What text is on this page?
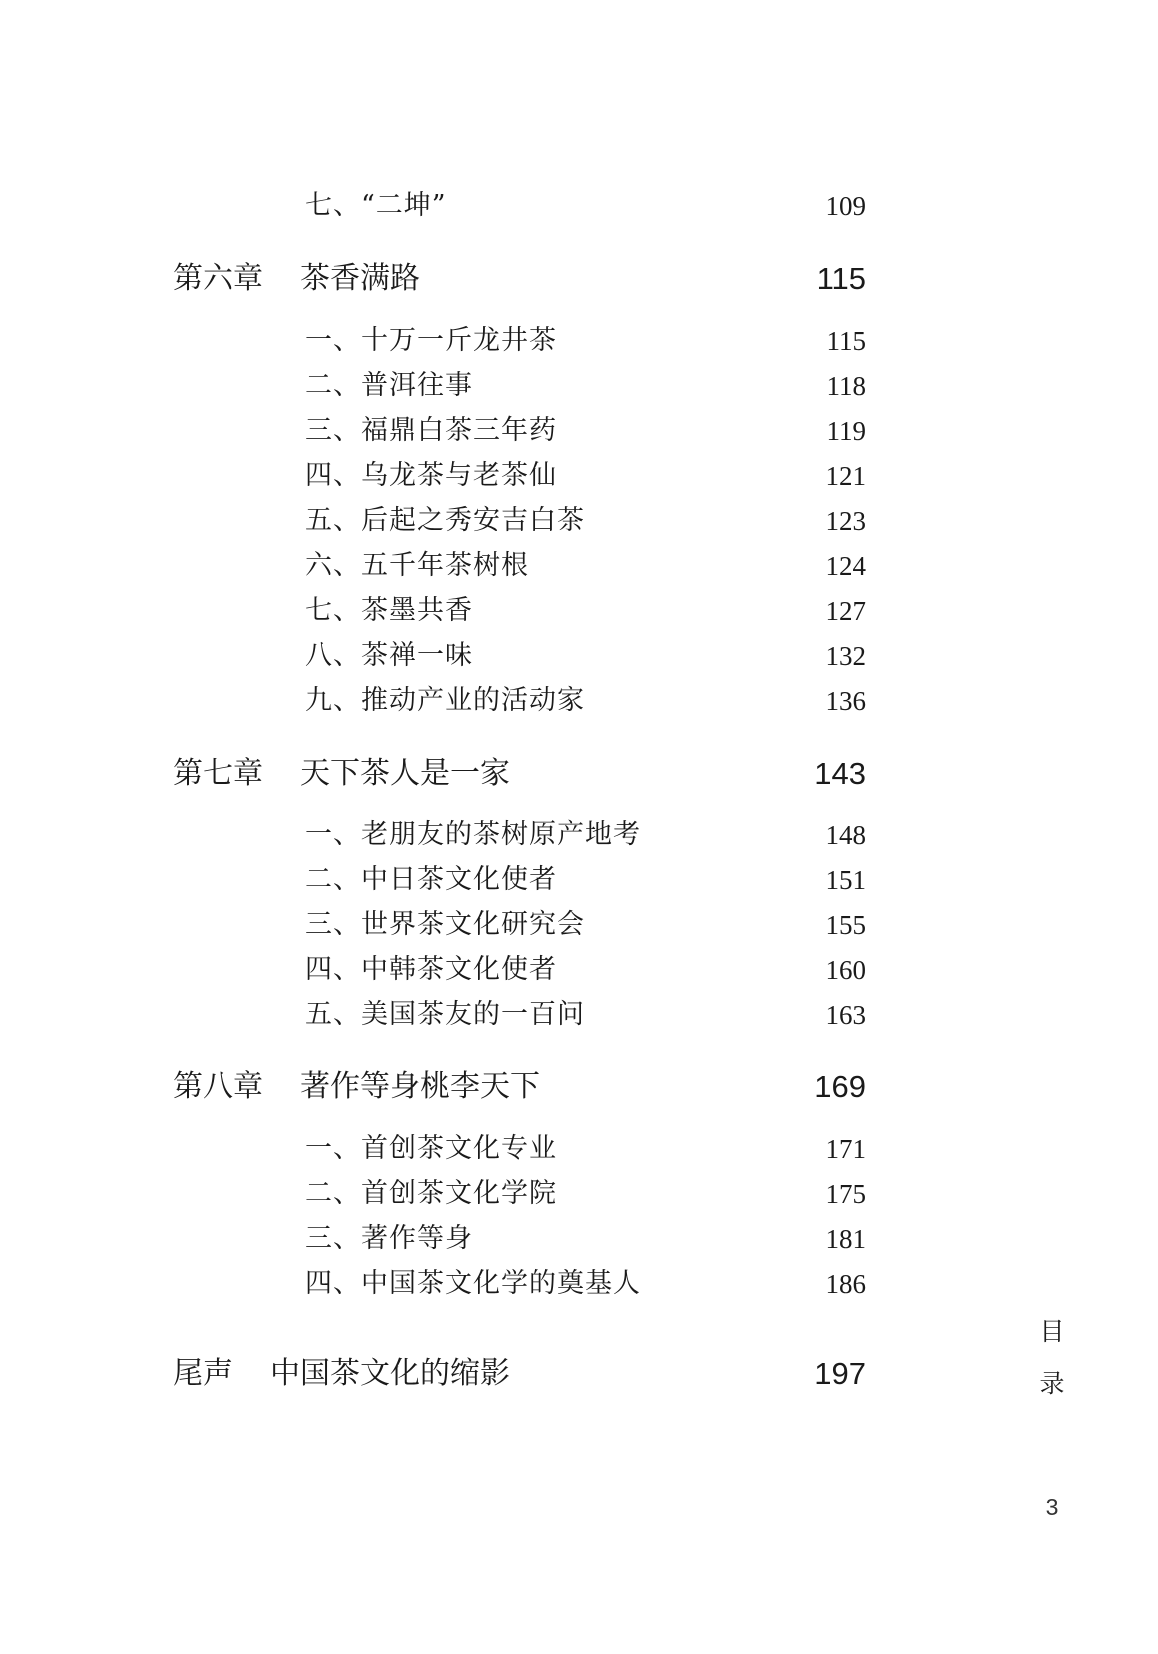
七、“二坤”	109
第六章 茶香满路	115
一、十万一斤龙井茶	115
二、普洱往事	118
三、福鼎白茶三年药	119
四、乌龙茶与老茶仙	121
五、后起之秀安吉白茶	123
六、五千年茶树根	124
七、茶墨共香	127
八、茶禅一味	132
九、推动产业的活动家	136
第七章 天下茶人是一家	143
一、老朋友的茶树原产地考	148
二、中日茶文化使者	151
三、世界茶文化研究会	155
四、中韩茶文化使者	160
五、美国茶友的一百问	163
第八章 著作等身桃李天下	169
一、首创茶文化专业	171
二、首创茶文化学院	175
三、著作等身	181
四、中国茶文化学的奠基人	186
尾声 中国茶文化的缩影	197
目
录
3
